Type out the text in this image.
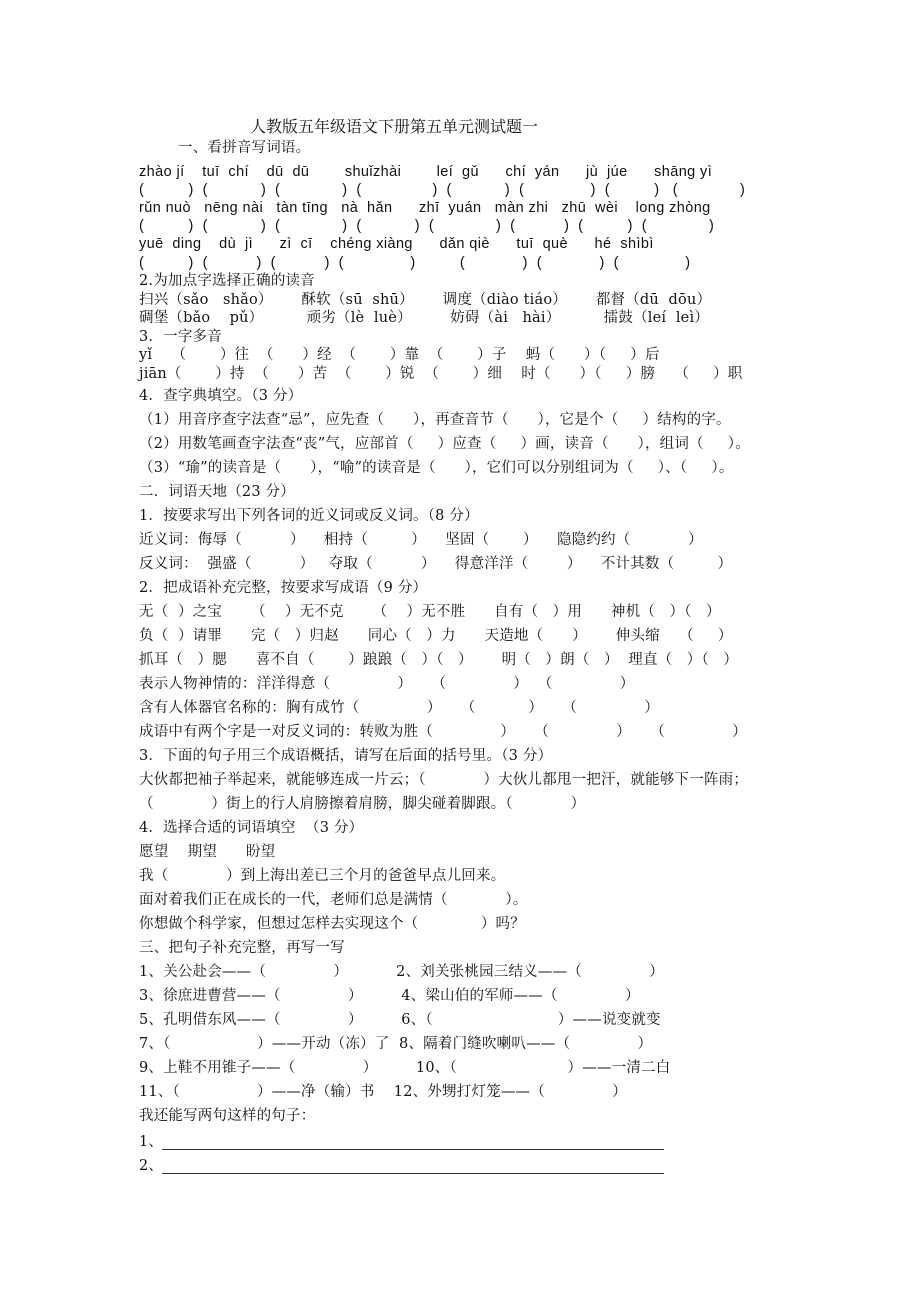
人教版五年级语文下册第五单元测试题一
一、看拼音写词语。
zhào jí    tuī  chí    dū  dū        shuǐzhài        leí  gǔ      chí  yán      jù  júe      shāng yì
(          )  (            )  (              )  (                )  (            )  (               )  (          )   (              )
rǔn nuò   nēng nài   tàn tīng   nà  hǎn      zhī  yuán   màn zhi   zhū  wèi    long zhòng
(          )  (            )  (              )  (            )  (              )  (           )  (          )  (              )
yuē  ding    dù  jì      zì  cī    chéng xiàng      dǎn qiè      tuī  què      hé  shìbì
(          )  (           )  (           )  (               )          (             )  (             )  (               )
2.为加点字选择正确的读音
扫兴（sǎo   shǎo）      酥软（sū  shū）      调度（diào tiáo）      都督（dū  dōu）
碉堡（bǎo    pǔ）         顽劣（lè  luè）        妨碍（ài   hài）         擂鼓（leí  leì）
3．一字多音
yǐ    （       ）往  （      ）经  （       ）靠  （       ）子    蚂（      ）（     ）后
jiān（       ）持  （      ）苦  （       ）锐  （       ）细    时（      ）（     ）膀    （     ）职
4．查字典填空。（3 分）
（1）用音序查字法查“忌”，应先查（      ），再查音节（      ），它是个（     ）结构的字。
（2）用数笔画查字法查“丧”气，应部首（     ）应查（     ）画，读音（      ），组词（     ）。
（3）“瑜”的读音是（      ），“喻”的读音是（      ），它们可以分别组词为（     ）、（     ）。
二．词语天地（23 分）
1．按要求写出下列各词的近义词或反义词。（8 分）
近义词：侮辱（          ）    相持（         ）    坚固（       ）    隐隐约约（            ）
反义词：  强盛（          ）   夺取（          ）    得意洋洋（        ）    不计其数（         ）
2．把成语补充完整，按要求写成语（9 分）
无（  ）之宝      （    ）无不克      （    ）无不胜      自有（   ）用      神机（   ）（   ）
负（  ）请罪      完（   ）归赵      同心（   ）力      天造地（      ）      伸头缩    （     ）
抓耳（   ）腮      喜不自（       ）踉踉（   ）（   ）      明（   ）朗（   ）  理直（   ）（   ）
表示人物神情的：洋洋得意（              ）    （              ）  （              ）
含有人体器官名称的：胸有成竹（              ）    （           ）    （              ）
成语中有两个字是一对反义词的：转败为胜（              ）    （              ）    （              ）
3．下面的句子用三个成语概括，请写在后面的括号里。（3 分）
大伙都把袖子举起来，就能够连成一片云；（            ）大伙儿都甩一把汗，就能够下一阵雨；
（            ）街上的行人肩膀擦着肩膀，脚尖碰着脚跟。（            ）
4．选择合适的词语填空  （3 分）
愿望    期望      盼望
我（            ）到上海出差已三个月的爸爸早点儿回来。
面对着我们正在成长的一代，老师们总是满情（            ）。
你想做个科学家，但想过怎样去实现这个（             ）吗？
三、把句子补充完整，再写一写
1、关公赴会——（              ）          2、刘关张桃园三结义——（              ）
3、徐庶进曹营——（              ）        4、梁山伯的军师——（              ）
5、孔明借东风——（              ）        6、（                          ）——说变就变
7、（                  ）——开动（冻）了  8、隔着门缝吹喇叭——（              ）
9、上鞋不用锥子——（              ）        10、（                       ）——一清二白
11、（                ）——净（输）书    12、外甥打灯笼——（              ）
我还能写两句这样的句子：
1、
2、
